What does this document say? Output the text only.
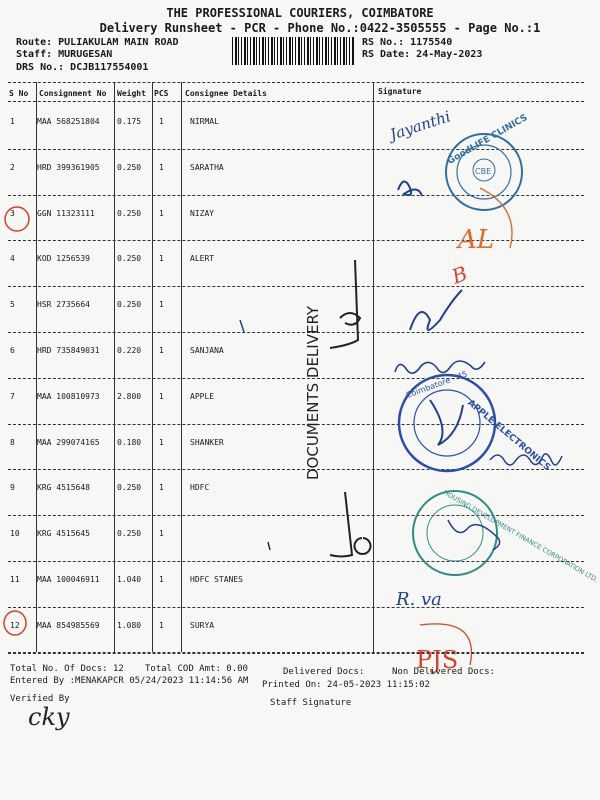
THE PROFESSIONAL COURIERS, COIMBATORE
Delivery Runsheet - PCR - Phone No.:0422-3505555 - Page No.:1
Route: PULIAKULAM MAIN ROAD
Staff: MURUGESAN
DRS No.: DCJB117554001
RS No.: 1175540
RS Date: 24-May-2023
S No Consignment No Weight PCS Consignee Details	Signature
1	MAA 568251804 0.175 1	NIRMAL
2	HRD 399361905 0.250 1	SARATHA
3	GGN 11323111	0.250 1	NIZAY
4	KOD 1256539	0.250 1	ALERT
5	HSR 2735664	0.250 1
6	HRD 735849031 0.220 1	SANJANA
7	MAA 100810973 2.800 1	APPLE
8	MAA 299074165 0.180 1	SHANKER
9	KRG 4515648	0.250 1	HDFC
10 KRG 4515645	0.250 1
11 MAA 100046911 1.040 1	HDFC STANES
12 MAA 854985569 1.080 1	SURYA
Jayanthi
GoodLIFE CLINICS
CBE
AL
B
Coimbatore - 45
APPLE ELECTRONICS
HOUSING DEVELOPMENT FINANCE CORPORATION LTD.
R. va
PJS
DOCUMENTS DELIVERY
cky
Total No. Of Docs: 12 Total COD Amt: 0.00	Delivered Docs:	Non Delivered Docs:
Entered By :MENAKAPCR 05/24/2023 11:14:56 AM Printed On: 24-05-2023 11:15:02
Verified By	Staff Signature
